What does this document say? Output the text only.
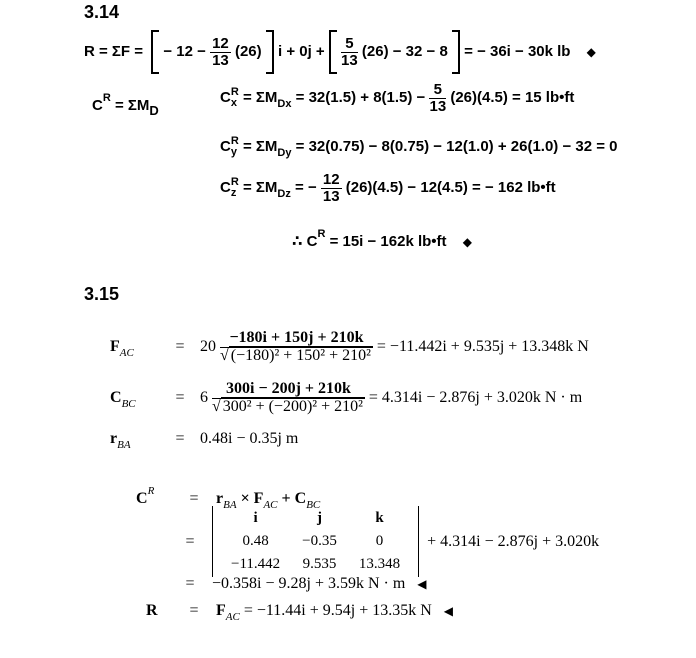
3.14
R = ΣF = − $12 - \frac{12}{13} (26) i + 0j + \frac{5}{13} (26) - 32 - 8$ = − 36i − 30k lb ◆
$C^R = \Sigma MD$
C R
$x = \Sigma M_{Dx} = 32(1.5) + 8(1.5) - \frac{5}{13} (26)(4.5) = 15$ lb•ft
C R
$y = \Sigma M_{Dy} = 32(0.75) - 8(0.75) - 12(1.0) + 26(1.0) - 32 = 0$
C R
$z = \Sigma M_{Dz}$ = − $\frac{12}{13} (26)(4.5) - 12(4.5)$ = − 162 lb•ft
∴ $C^R = 15i - 162k$ lb•ft ◆
3.15
$F_{AC}$	= $20 \frac{-180i + 150j + 210k}{\text{√ (−180)² + 150² + 210²}} = -11.442i + 9.535j + 13.348k$ N
$C_{BC} = 6 \frac{300i - 200j + 210k}{\text{√ 300² + (−200)² + 210²}} = 4.314i - 2.876j + 3.020k$ N · m
$r_{BA}$	= 0.48i − 0.35j m
$C^R = r_{BA} \times F_{AC} + C_{BC}$
= i	j	k
0.48	−0.35	0
−11.442	9.535	13.348 + 4.314i − 2.876j + 3.020k
= −0.358i − 9.28j + 3.59k N · m ◀
$R = F_{AC} = -11.44i + 9.54j + 13.35k$ N ◀
